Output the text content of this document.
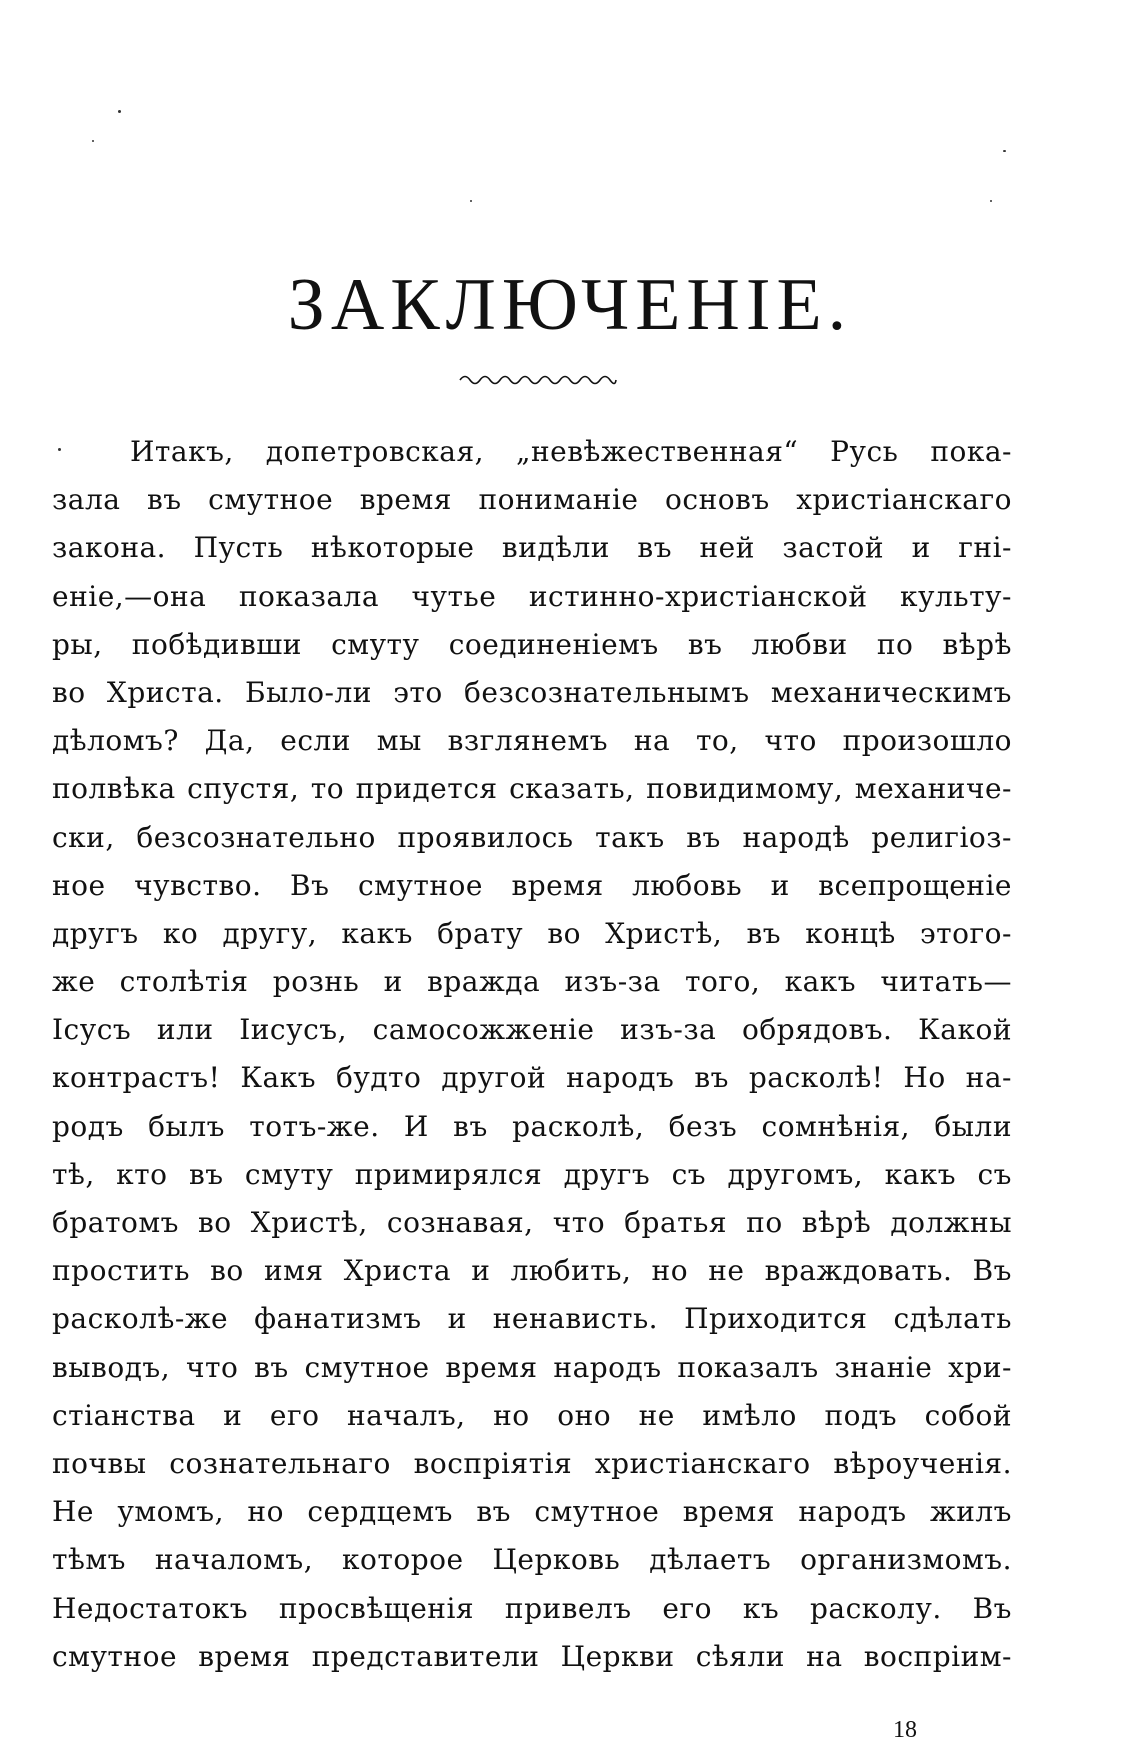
ЗАКЛЮЧЕНІЕ.
Итакъ, допетровская, „невѣжественная“ Русь пока-
зала въ смутное время пониманіе основъ христіанскаго
закона. Пусть нѣкоторые видѣли въ ней застой и гні-
еніе,—она показала чутье истинно-христіанской культу-
ры, побѣдивши смуту соединеніемъ въ любви по вѣрѣ
во Христа. Было-ли это безсознательнымъ механическимъ
дѣломъ? Да, если мы взглянемъ на то, что произошло
полвѣка спустя, то придется сказать, повидимому, механиче-
ски, безсознательно проявилось такъ въ народѣ религіоз-
ное чувство. Въ смутное время любовь и всепрощеніе
другъ ко другу, какъ брату во Христѣ, въ концѣ этого-
же столѣтія рознь и вражда изъ-за того, какъ читать—
Ісусъ или Іисусъ, самосожженіе изъ-за обрядовъ. Какой
контрастъ! Какъ будто другой народъ въ расколѣ! Но на-
родъ былъ тотъ-же. И въ расколѣ, безъ сомнѣнія, были
тѣ, кто въ смуту примирялся другъ съ другомъ, какъ съ
братомъ во Христѣ, сознавая, что братья по вѣрѣ должны
простить во имя Христа и любить, но не враждовать. Въ
расколѣ-же фанатизмъ и ненависть. Приходится сдѣлать
выводъ, что въ смутное время народъ показалъ знаніе хри-
стіанства и его началъ, но оно не имѣло подъ собой
почвы сознательнаго воспріятія христіанскаго вѣроученія.
Не умомъ, но сердцемъ въ смутное время народъ жилъ
тѣмъ началомъ, которое Церковь дѣлаетъ организмомъ.
Недостатокъ просвѣщенія привелъ его къ расколу. Въ
смутное время представители Церкви сѣяли на воспріим-
18
